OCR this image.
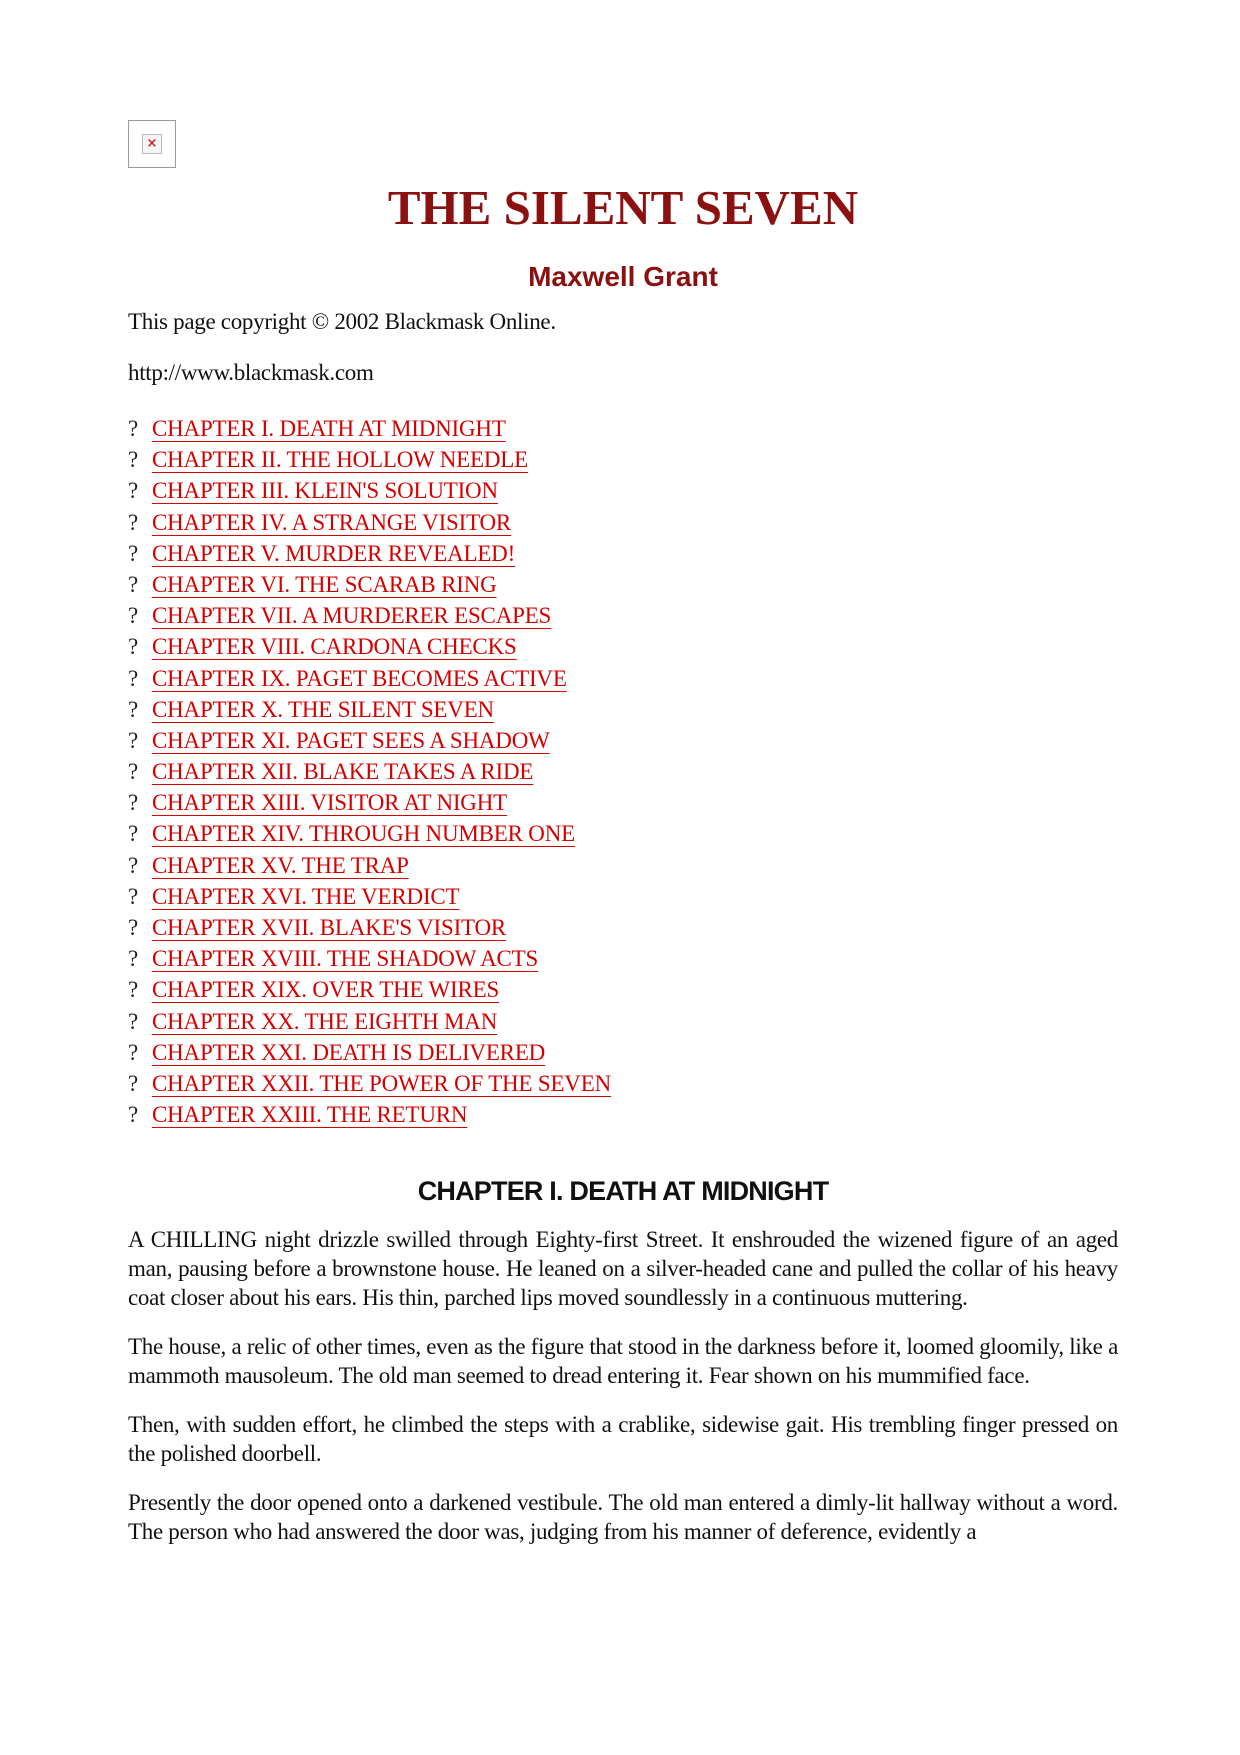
×
THE SILENT SEVEN
Maxwell Grant
This page copyright © 2002 Blackmask Online.
http://www.blackmask.com
? CHAPTER I. DEATH AT MIDNIGHT
? CHAPTER II. THE HOLLOW NEEDLE
? CHAPTER III. KLEIN'S SOLUTION
? CHAPTER IV. A STRANGE VISITOR
? CHAPTER V. MURDER REVEALED!
? CHAPTER VI. THE SCARAB RING
? CHAPTER VII. A MURDERER ESCAPES
? CHAPTER VIII. CARDONA CHECKS
? CHAPTER IX. PAGET BECOMES ACTIVE
? CHAPTER X. THE SILENT SEVEN
? CHAPTER XI. PAGET SEES A SHADOW
? CHAPTER XII. BLAKE TAKES A RIDE
? CHAPTER XIII. VISITOR AT NIGHT
? CHAPTER XIV. THROUGH NUMBER ONE
? CHAPTER XV. THE TRAP
? CHAPTER XVI. THE VERDICT
? CHAPTER XVII. BLAKE'S VISITOR
? CHAPTER XVIII. THE SHADOW ACTS
? CHAPTER XIX. OVER THE WIRES
? CHAPTER XX. THE EIGHTH MAN
? CHAPTER XXI. DEATH IS DELIVERED
? CHAPTER XXII. THE POWER OF THE SEVEN
? CHAPTER XXIII. THE RETURN
CHAPTER I. DEATH AT MIDNIGHT

A CHILLING night drizzle swilled through Eighty-first Street. It enshrouded the wizened figure of an aged man, pausing before a brownstone house. He leaned on a silver-headed cane and pulled the collar of his heavy coat closer about his ears. His thin, parched lips moved soundlessly in a continuous muttering.

The house, a relic of other times, even as the figure that stood in the darkness before it, loomed gloomily, like a mammoth mausoleum. The old man seemed to dread entering it. Fear shown on his mummified face.

Then, with sudden effort, he climbed the steps with a crablike, sidewise gait. His trembling finger pressed on the polished doorbell.

Presently the door opened onto a darkened vestibule. The old man entered a dimly-lit hallway without a word. The person who had answered the door was, judging from his manner of deference, evidently a
